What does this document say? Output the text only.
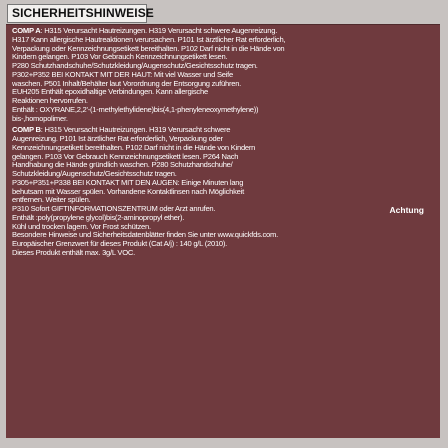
SICHERHEITSHINWEISE
COMP A: H315 Verursacht Hautreizungen. H319 Verursacht schwere Augenreizung.
H317 Kann allergische Hautreaktionen verursachen. P101 Ist ärztlicher Rat erforderlich,
Verpackung oder Kennzeichnungsetikett bereithalten. P102 Darf nicht in die Hände von
Kindern gelangen. P103 Vor Gebrauch Kennzeichnungsetikett lesen.
P280 Schutzhandschuhe/Schutzkleidung/Augenschutz/Gesichtsschutz tragen.
P302+P352 BEI KONTAKT MIT DER HAUT: Mit viel Wasser und Seife
waschen. P501 Inhalt/Behälter laut Vorordnung der Entsorgung zuführen.
EUH205 Enthält epoxidhaltige Verbindungen. Kann allergische
Reaktionen hervorrufen.
Enthält : OXYRANE,2,2'-(1-methylethylidene)bis(4,1-phenyleneoxymethylene))
bis-,homopolimer.
COMP B: H315 Verursacht Hautreizungen. H319 Verursacht schwere
Augenreizung. P101 Ist ärztlicher Rat erforderlich, Verpackung oder
Kennzeichnungsetikett bereithalten. P102 Darf nicht in die Hände von Kindern
gelangen. P103 Vor Gebrauch Kennzeichnungsetikett lesen. P264 Nach
Handhabung die Hände gründlich waschen. P280 Schutzhandschuhe/
Schutzkleidung/Augenschutz/Gesichtsschutz tragen.
P305+P351+P338 BEI KONTAKT MIT DEN AUGEN: Einige Minuten lang
behutsam mit Wasser spülen. Vorhandene Kontaktlinsen nach Möglichkeit
entfernen. Weiter spülen.
P310 Sofort GIFTINFORMATIONSZENTRUM oder Arzt anrufen.
Enthält :poly(propylene glycol)bis(2-aminopropyl ether).
Kühl und trocken lagern. Vor Frost schützen.
Besondere Hinweise und Sicherheitsdatenblätter finden Sie unter www.quickfds.com.
Europäischer Grenzwert für dieses Produkt (Cat A/j) : 140 g/L (2010).
Dieses Produkt enthält max. 3g/L VOC.
Achtung
